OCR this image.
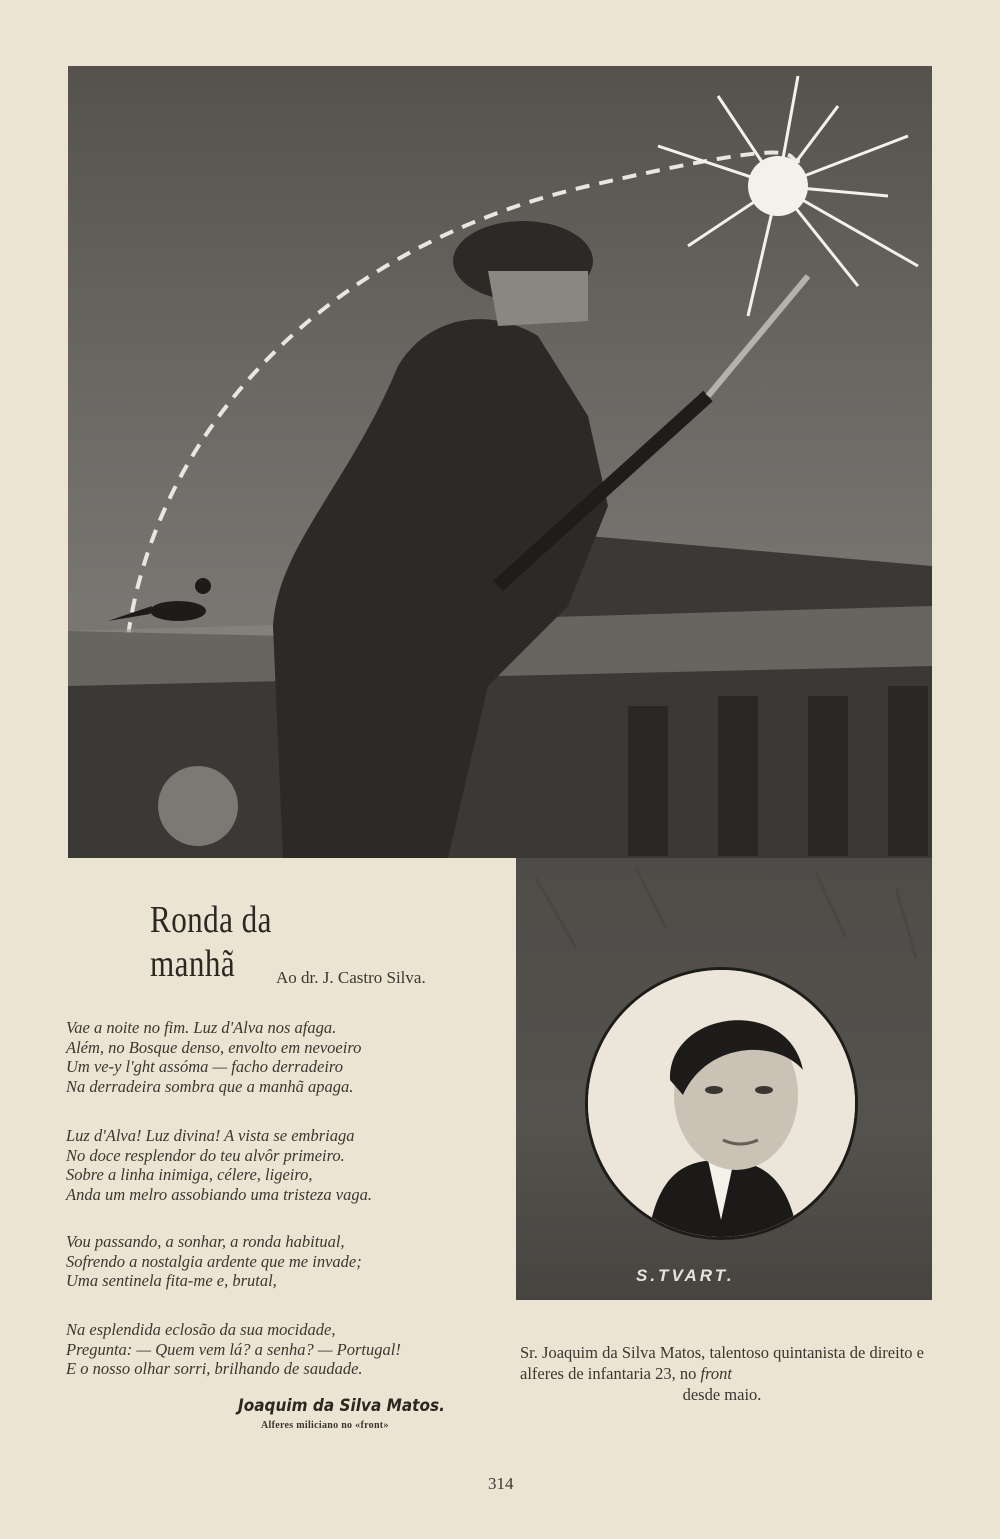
S.TVART.
Ronda da manhã	Ao dr. J. Castro Silva.
Vae a noite no fim. Luz d'Alva nos afaga.
Além, no Bosque denso, envolto em nevoeiro
Um ve-y l'ght assóma — facho derradeiro
Na derradeira sombra que a manhã apaga.
Luz d'Alva! Luz divina! A vista se embriaga
No doce resplendor do teu alvôr primeiro.
Sobre a linha inimiga, célere, ligeiro,
Anda um melro assobiando uma tristeza vaga.
Vou passando, a sonhar, a ronda habitual,
Sofrendo a nostalgia ardente que me invade;
Uma sentinela fita-me e, brutal,
Na esplendida eclosão da sua mocidade,
Pregunta: — Quem vem lá? a senha? — Portugal!
E o nosso olhar sorri, brilhando de saudade.
Joaquim da Silva Matos.
Alferes miliciano no «front»
Sr. Joaquim da Silva Matos, talentoso quintanista de direito e alferes de infantaria 23, no front
desde maio.
314
